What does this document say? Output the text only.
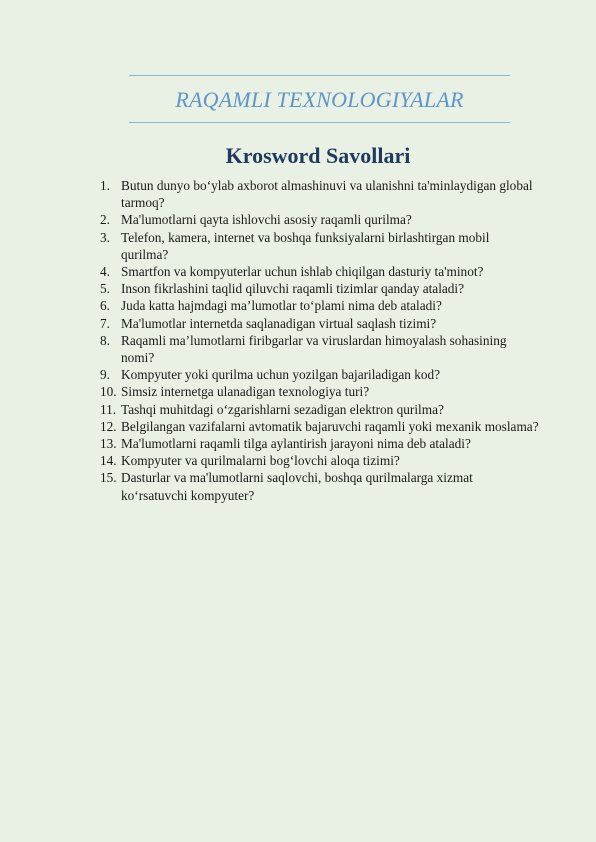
RAQAMLI TEXNOLOGIYALAR
Krosword Savollari
1. Butun dunyo bo‘ylab axborot almashinuvi va ulanishni ta'minlaydigan global tarmoq?
2. Ma'lumotlarni qayta ishlovchi asosiy raqamli qurilma?
3. Telefon, kamera, internet va boshqa funksiyalarni birlashtirgan mobil qurilma?
4. Smartfon va kompyuterlar uchun ishlab chiqilgan dasturiy ta'minot?
5. Inson fikrlashini taqlid qiluvchi raqamli tizimlar qanday ataladi?
6. Juda katta hajmdagi ma’lumotlar to‘plami nima deb ataladi?
7. Ma'lumotlar internetda saqlanadigan virtual saqlash tizimi?
8. Raqamli ma’lumotlarni firibgarlar va viruslardan himoyalash sohasining nomi?
9. Kompyuter yoki qurilma uchun yozilgan bajariladigan kod?
10. Simsiz internetga ulanadigan texnologiya turi?
11. Tashqi muhitdagi o‘zgarishlarni sezadigan elektron qurilma?
12. Belgilangan vazifalarni avtomatik bajaruvchi raqamli yoki mexanik moslama?
13. Ma'lumotlarni raqamli tilga aylantirish jarayoni nima deb ataladi?
14. Kompyuter va qurilmalarni bog‘lovchi aloqa tizimi?
15. Dasturlar va ma'lumotlarni saqlovchi, boshqa qurilmalarga xizmat ko‘rsatuvchi kompyuter?
